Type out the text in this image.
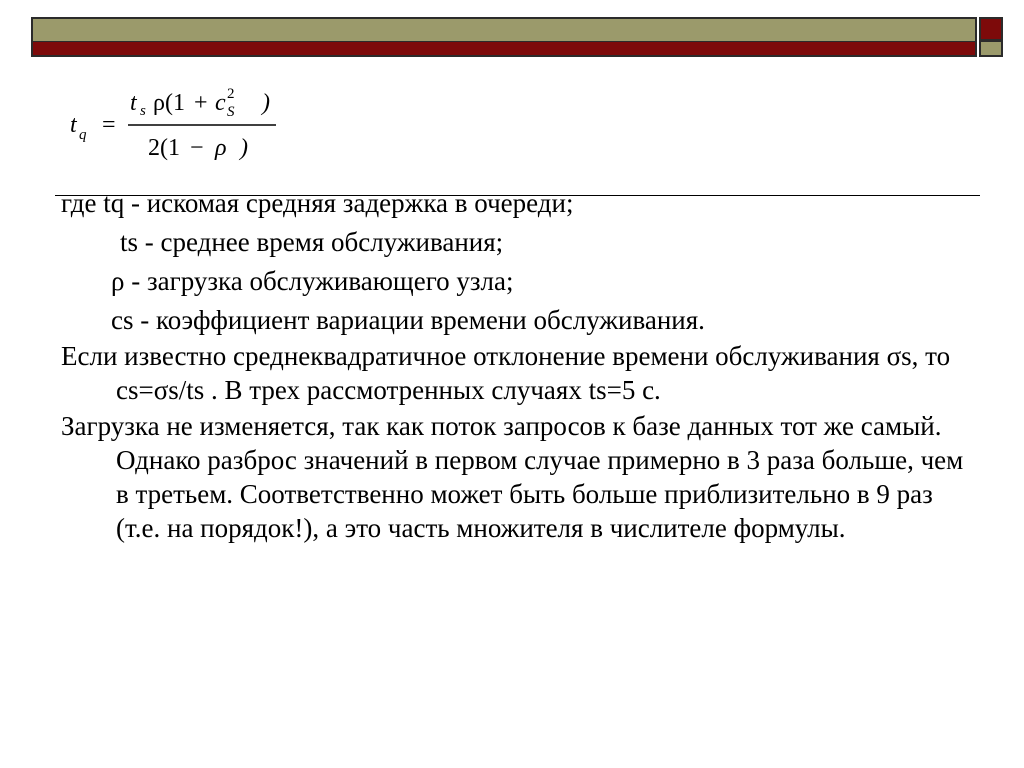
t q =
t s ρ(1 + c 2
S )
2(1 − ρ )

где tq - искомая средняя задержка в очереди;

ts - среднее время обслуживания;

ρ - загрузка обслуживающего узла;

cs - коэффициент вариации времени обслуживания.

Если известно среднеквадратичное отклонение времени обслуживания σs, то cs=σs/ts . В трех рассмотренных случаях ts=5 с.

Загрузка не изменяется, так как поток запросов к базе данных тот же самый. Однако разброс значений в первом случае примерно в 3 раза больше, чем в третьем. Соответственно может быть больше приблизительно в 9 раз (т.е. на порядок!), а это часть множителя в числителе формулы.
